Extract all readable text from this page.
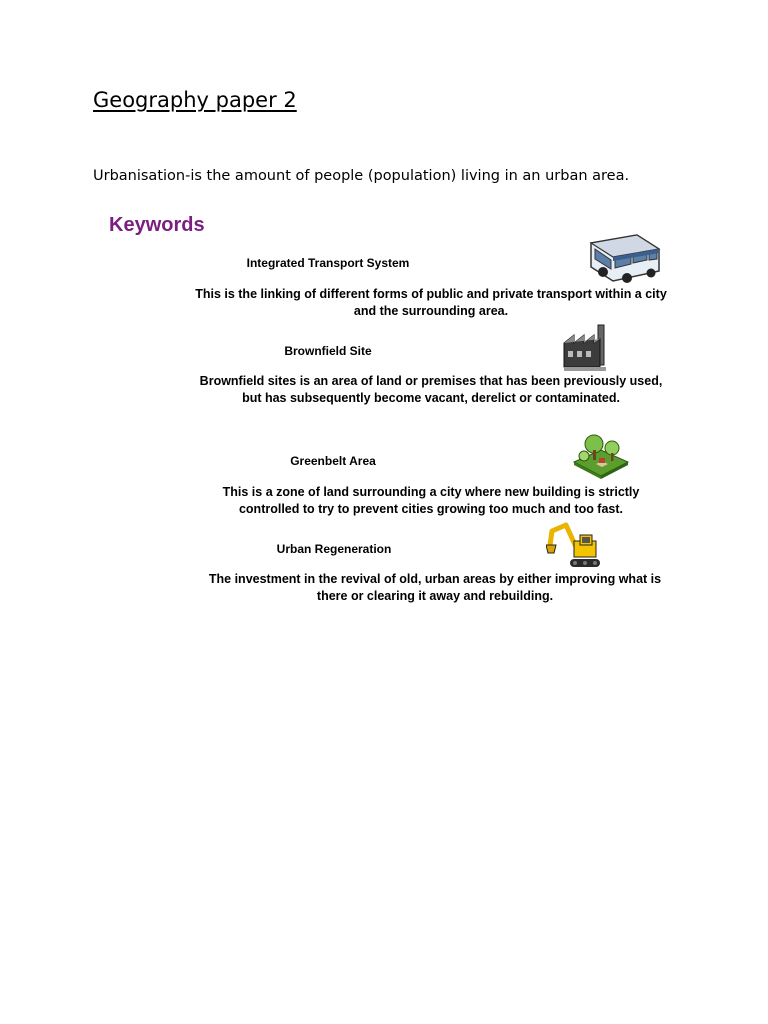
Geography paper 2
Urbanisation-is the amount of people (population) living in an urban area.
Keywords
Integrated Transport System
This is the linking of different forms of public and private transport within a city and the surrounding area.
Brownfield Site
Brownfield sites is an area of land or premises that has been previously used, but has subsequently become vacant, derelict or contaminated.
Greenbelt Area
This is a zone of land surrounding a city where new building is strictly controlled to try to prevent cities growing too much and too fast.
Urban Regeneration
The investment in the revival of old, urban areas by either improving what is there or clearing it away and rebuilding.
